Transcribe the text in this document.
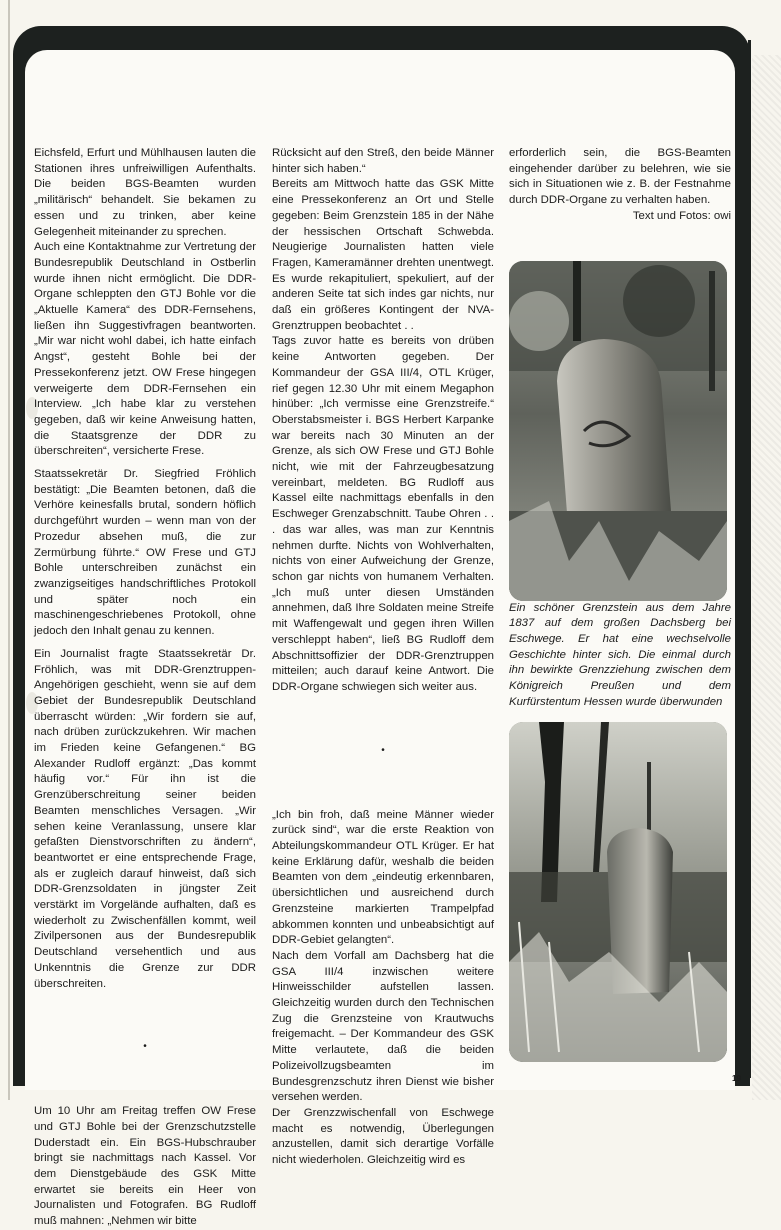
Eichsfeld, Erfurt und Mühlhausen lauten die Stationen ihres unfreiwilligen Aufenthalts. Die beiden BGS-Beamten wurden „militärisch“ behandelt. Sie bekamen zu essen und zu trinken, aber keine Gelegenheit miteinander zu sprechen.

Auch eine Kontaktnahme zur Vertretung der Bundesrepublik Deutschland in Ostberlin wurde ihnen nicht ermöglicht. Die DDR-Organe schleppten den GTJ Bohle vor die „Aktuelle Kamera“ des DDR-Fernsehens, ließen ihn Suggestivfragen beantworten. „Mir war nicht wohl dabei, ich hatte einfach Angst“, gesteht Bohle bei der Pressekonferenz jetzt. OW Frese hingegen verweigerte dem DDR-Fernsehen ein Interview. „Ich habe klar zu verstehen gegeben, daß wir keine Anweisung hatten, die Staatsgrenze der DDR zu überschreiten“, versicherte Frese.

Staatssekretär Dr. Siegfried Fröhlich bestätigt: „Die Beamten betonen, daß die Verhöre keinesfalls brutal, sondern höflich durchgeführt wurden – wenn man von der Prozedur absehen muß, die zur Zermürbung führte.“ OW Frese und GTJ Bohle unterschreiben zunächst ein zwanzigseitiges handschriftliches Protokoll und später noch ein maschinengeschriebenes Protokoll, ohne jedoch den Inhalt genau zu kennen.

Ein Journalist fragte Staatssekretär Dr. Fröhlich, was mit DDR-Grenztruppen-Angehörigen geschieht, wenn sie auf dem Gebiet der Bundesrepublik Deutschland überrascht würden: „Wir fordern sie auf, nach drüben zurückzukehren. Wir machen im Frieden keine Gefangenen.“ BG Alexander Rudloff ergänzt: „Das kommt häufig vor.“ Für ihn ist die Grenzüberschreitung seiner beiden Beamten menschliches Versagen. „Wir sehen keine Veranlassung, unsere klar gefaßten Dienstvorschriften zu ändern“, beantwortet er eine entsprechende Frage, als er zugleich darauf hinweist, daß sich DDR-Grenzsoldaten in jüngster Zeit verstärkt im Vorgelände aufhalten, daß es wiederholt zu Zwischenfällen kommt, weil Zivilpersonen aus der Bundesrepublik Deutschland versehentlich und aus Unkenntnis die Grenze zur DDR überschreiten.

•

Um 10 Uhr am Freitag treffen OW Frese und GTJ Bohle bei der Grenzschutzstelle Duderstadt ein. Ein BGS-Hubschrauber bringt sie nachmittags nach Kassel. Vor dem Dienstgebäude des GSK Mitte erwartet sie bereits ein Heer von Journalisten und Fotografen. BG Rudloff muß mahnen: „Nehmen wir bitte

Rücksicht auf den Streß, den beide Männer hinter sich haben.“

Bereits am Mittwoch hatte das GSK Mitte eine Pressekonferenz an Ort und Stelle gegeben: Beim Grenzstein 185 in der Nähe der hessischen Ortschaft Schwebda. Neugierige Journalisten hatten viele Fragen, Kameramänner drehten unentwegt. Es wurde rekapituliert, spekuliert, auf der anderen Seite tat sich indes gar nichts, nur daß ein größeres Kontingent der NVA-Grenztruppen beobachtet . .

Tags zuvor hatte es bereits von drüben keine Antworten gegeben. Der Kommandeur der GSA III/4, OTL Krüger, rief gegen 12.30 Uhr mit einem Megaphon hinüber: „Ich vermisse eine Grenzstreife.“ Oberstabsmeister i. BGS Herbert Karpanke war bereits nach 30 Minuten an der Grenze, als sich OW Frese und GTJ Bohle nicht, wie mit der Fahrzeugbesatzung vereinbart, meldeten. BG Rudloff aus Kassel eilte nachmittags ebenfalls in den Eschweger Grenzabschnitt. Taube Ohren . . . das war alles, was man zur Kenntnis nehmen durfte. Nichts von Wohlverhalten, nichts von einer Aufweichung der Grenze, schon gar nichts von humanem Verhalten. „Ich muß unter diesen Umständen annehmen, daß Ihre Soldaten meine Streife mit Waffengewalt und gegen ihren Willen verschleppt haben“, ließ BG Rudloff dem Abschnittsoffizier der DDR-Grenztruppen mitteilen; auch darauf keine Antwort. Die DDR-Organe schwiegen sich weiter aus.

•

„Ich bin froh, daß meine Männer wieder zurück sind“, war die erste Reaktion von Abteilungskommandeur OTL Krüger. Er hat keine Erklärung dafür, weshalb die beiden Beamten von dem „eindeutig erkennbaren, übersichtlichen und ausreichend durch Grenzsteine markierten Trampelpfad abkommen konnten und unbeabsichtigt auf DDR-Gebiet gelangten“.

Nach dem Vorfall am Dachsberg hat die GSA III/4 inzwischen weitere Hinweisschilder aufstellen lassen. Gleichzeitig wurden durch den Technischen Zug die Grenzsteine von Krautwuchs freigemacht. – Der Kommandeur des GSK Mitte verlautete, daß die beiden Polizeivollzugsbeamten im Bundesgrenzschutz ihren Dienst wie bisher versehen werden.

Der Grenzzwischenfall von Eschwege macht es notwendig, Überlegungen anzustellen, damit sich derartige Vorfälle nicht wiederholen. Gleichzeitig wird es

erforderlich sein, die BGS-Beamten eingehender darüber zu belehren, wie sie sich in Situationen wie z. B. der Festnahme durch DDR-Organe zu verhalten haben.

Text und Fotos: owi

Ein schöner Grenzstein aus dem Jahre 1837 auf dem großen Dachsberg bei Eschwege. Er hat eine wechselvolle Geschichte hinter sich. Die einmal durch ihn bewirkte Grenzziehung zwischen dem Königreich Preußen und dem Kurfürstentum Hessen wurde überwunden

19
